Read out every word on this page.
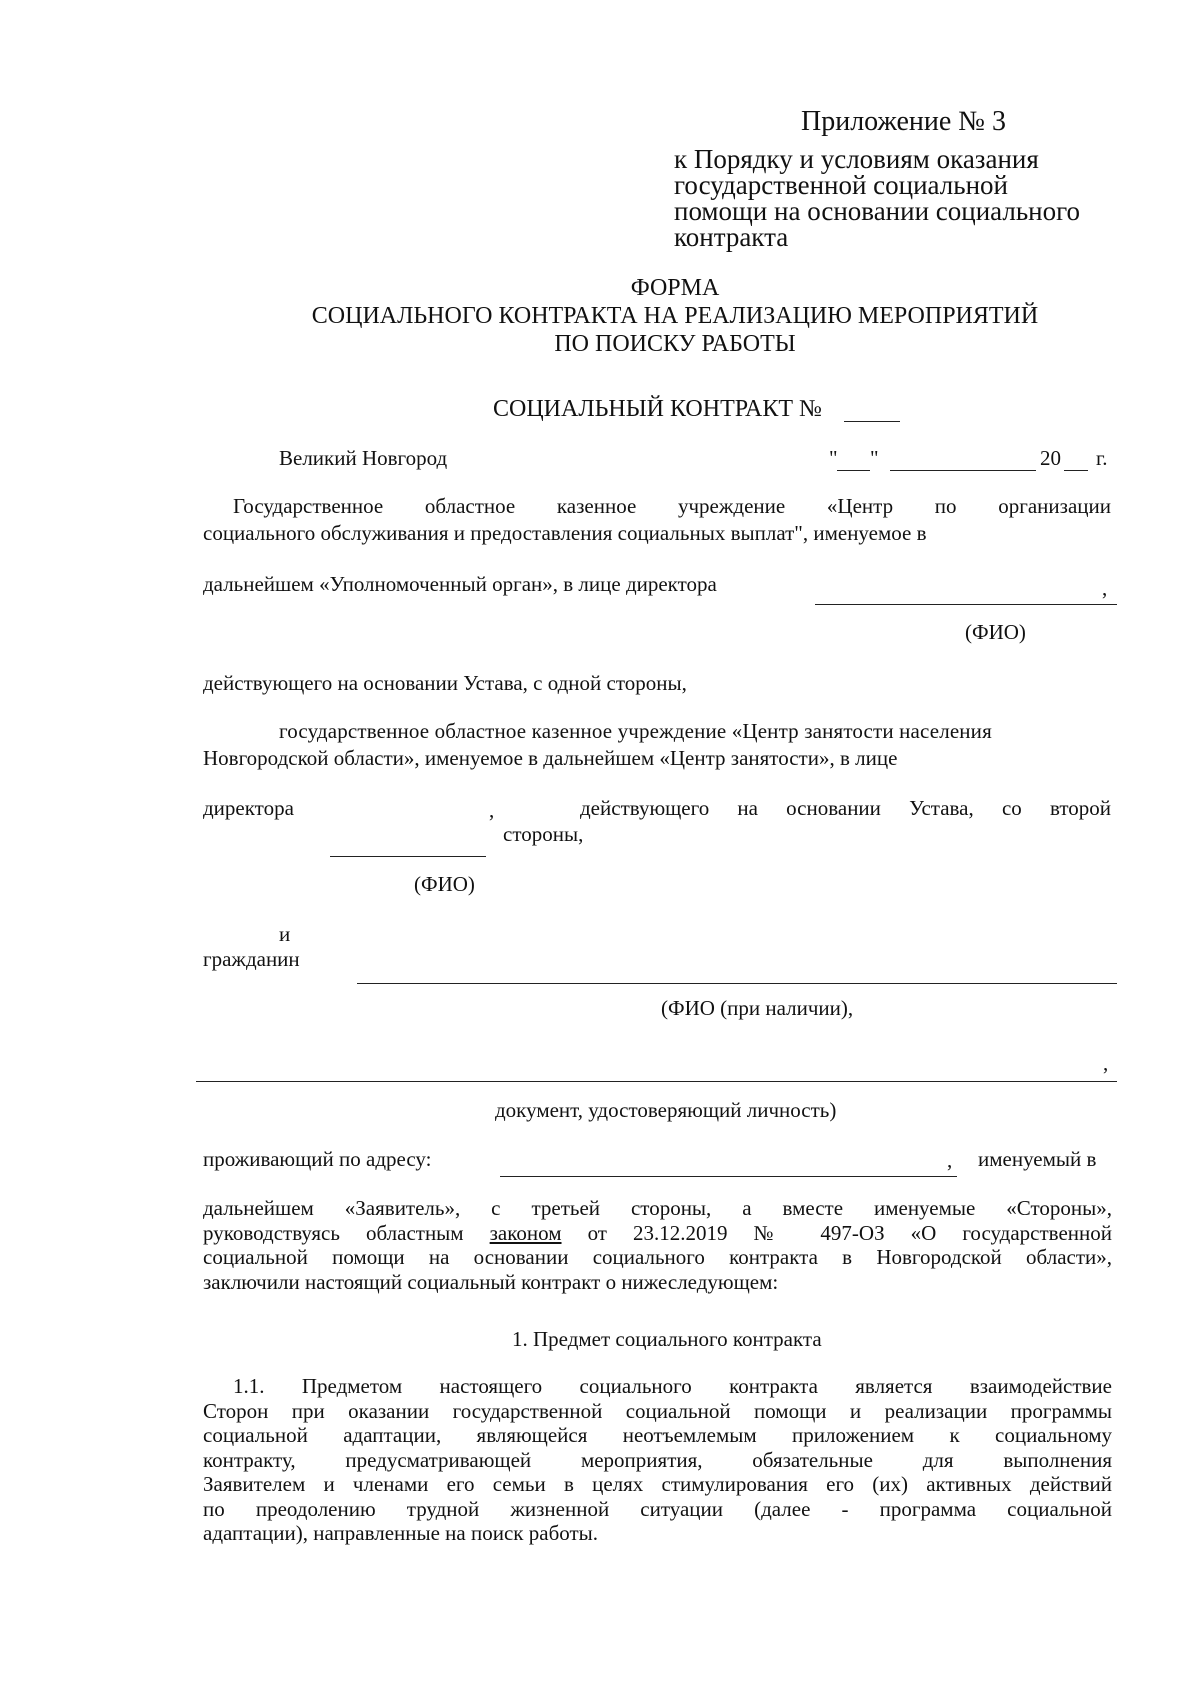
Приложение № 3
к Порядку и условиям оказания
государственной социальной
помощи на основании социального
контракта
ФОРМА
СОЦИАЛЬНОГО КОНТРАКТА НА РЕАЛИЗАЦИЮ МЕРОПРИЯТИЙ
ПО ПОИСКУ РАБОТЫ
СОЦИАЛЬНЫЙ КОНТРАКТ №
Великий Новгород	" "	20 г.
Государственное областное казенное учреждение «Центр по организации
социального обслуживания и предоставления социальных выплат", именуемое в
дальнейшем «Уполномоченный орган», в лице директора	,
(ФИО)
действующего на основании Устава, с одной стороны,
государственное областное казенное учреждение «Центр занятости населения
Новгородской области», именуемое в дальнейшем «Центр занятости», в лице
директора	,	действующего на основании Устава, со второй
стороны,
(ФИО)
и
гражданин
(ФИО (при наличии),
,
документ, удостоверяющий личность)
проживающий по адресу:	, именуемый в
дальнейшем «Заявитель», с третьей стороны, а вместе именуемые «Стороны»,
руководствуясь областным законом от 23.12.2019 № 497-ОЗ «О государственной
социальной помощи на основании социального контракта в Новгородской области»,
заключили настоящий социальный контракт о нижеследующем:
1. Предмет социального контракта
1.1. Предметом настоящего социального контракта является взаимодействие
Сторон при оказании государственной социальной помощи и реализации программы
социальной адаптации, являющейся неотъемлемым приложением к социальному
контракту, предусматривающей мероприятия, обязательные для выполнения
Заявителем и членами его семьи в целях стимулирования его (их) активных действий
по преодолению трудной жизненной ситуации (далее - программа социальной
адаптации), направленные на поиск работы.
